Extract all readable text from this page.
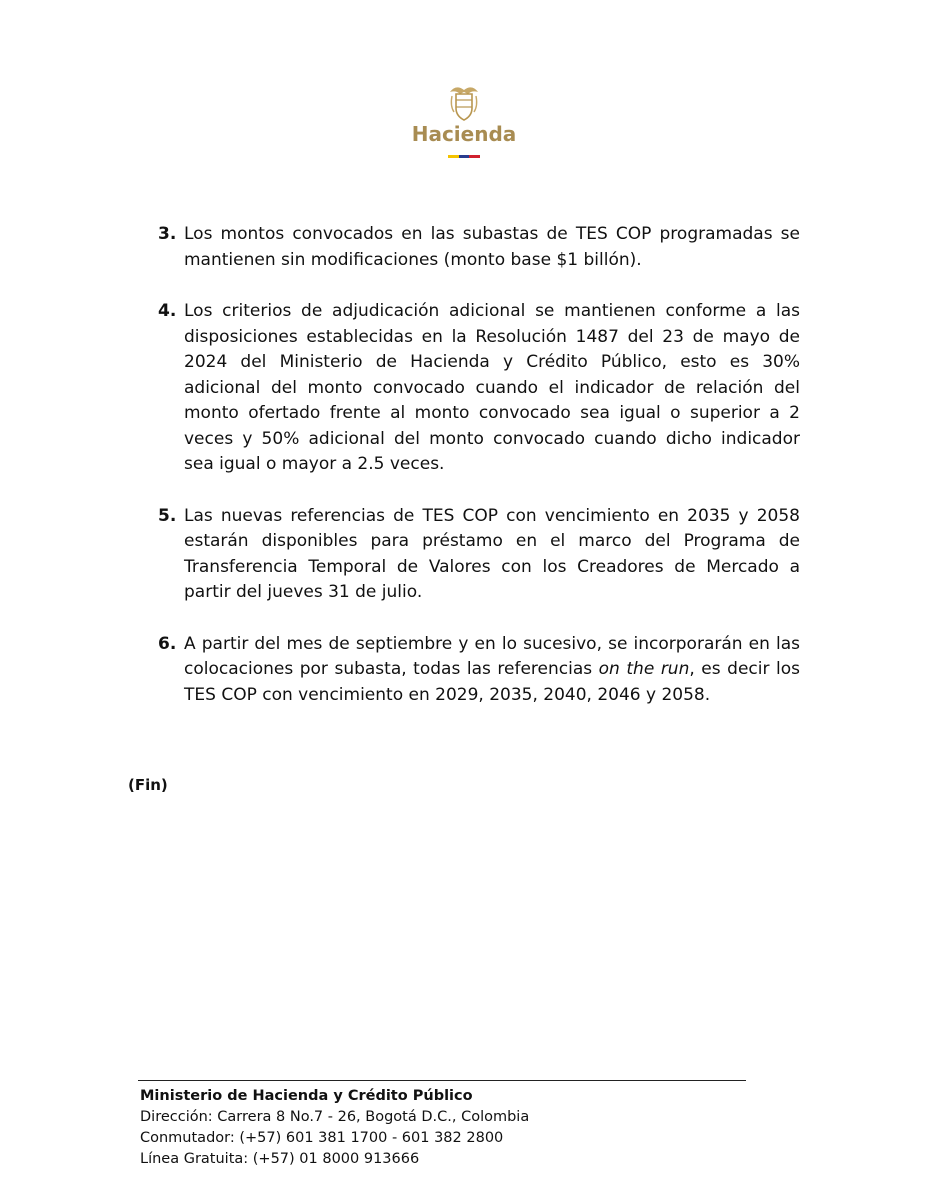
Hacienda
3. Los montos convocados en las subastas de TES COP programadas se mantienen sin modificaciones (monto base $1 billón).
4. Los criterios de adjudicación adicional se mantienen conforme a las disposiciones establecidas en la Resolución 1487 del 23 de mayo de 2024 del Ministerio de Hacienda y Crédito Público, esto es 30% adicional del monto convocado cuando el indicador de relación del monto ofertado frente al monto convocado sea igual o superior a 2 veces y 50% adicional del monto convocado cuando dicho indicador sea igual o mayor a 2.5 veces.
5. Las nuevas referencias de TES COP con vencimiento en 2035 y 2058 estarán disponibles para préstamo en el marco del Programa de Transferencia Temporal de Valores con los Creadores de Mercado a partir del jueves 31 de julio.
6. A partir del mes de septiembre y en lo sucesivo, se incorporarán en las colocaciones por subasta, todas las referencias on the run, es decir los TES COP con vencimiento en 2029, 2035, 2040, 2046 y 2058.
(Fin)
Ministerio de Hacienda y Crédito Público
Dirección: Carrera 8 No.7 - 26, Bogotá D.C., Colombia
Conmutador: (+57) 601 381 1700 - 601 382 2800
Línea Gratuita: (+57) 01 8000 913666
